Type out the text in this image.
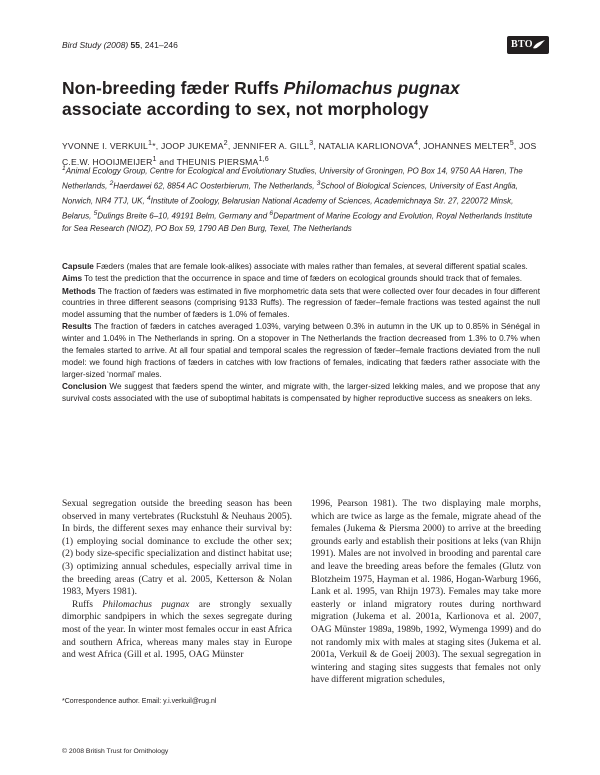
Bird Study (2008) 55, 241–246	BTO
Non-breeding fæder Ruffs Philomachus pugnax associate according to sex, not morphology
YVONNE I. VERKUIL$^1$*, JOOP JUKEMA$^2$, JENNIFER A. GILL$^3$, NATALIA KARLIONOVA$^4$, JOHANNES MELTER$^5$, JOS C.E.W. HOOIJMEIJER$^1$ and THEUNIS PIERSMA$^{1,6}$
$^1$Animal Ecology Group, Centre for Ecological and Evolutionary Studies, University of Groningen, PO Box 14, 9750 AA Haren, The Netherlands, $^2$Haerdawei 62, 8854 AC Oosterbierum, The Netherlands, $^3$School of Biological Sciences, University of East Anglia, Norwich, NR4 7TJ, UK, $^4$Institute of Zoology, Belarusian National Academy of Sciences, Academichnaya Str. 27, 220072 Minsk, Belarus, $^5$Dulings Breite 6–10, 49191 Belm, Germany and $^6$Department of Marine Ecology and Evolution, Royal Netherlands Institute for Sea Research (NIOZ), PO Box 59, 1790 AB Den Burg, Texel, The Netherlands

Capsule Fæders (males that are female look-alikes) associate with males rather than females, at several different spatial scales.

Aims To test the prediction that the occurrence in space and time of fæders on ecological grounds should track that of females.

Methods The fraction of fæders was estimated in five morphometric data sets that were collected over four decades in four different countries in three different seasons (comprising 9133 Ruffs). The regression of fæder–female fractions was tested against the null model assuming that the number of fæders is 1.0% of females.

Results The fraction of fæders in catches averaged 1.03%, varying between 0.3% in autumn in the UK up to 0.85% in Sénégal in winter and 1.04% in The Netherlands in spring. On a stopover in The Netherlands the fraction decreased from 1.3% to 0.7% when the females started to arrive. At all four spatial and temporal scales the regression of fæder–female fractions deviated from the null model: we found high fractions of fæders in catches with low fractions of females, indicating that fæders rather associate with the larger-sized ‘normal’ males.

Conclusion We suggest that fæders spend the winter, and migrate with, the larger-sized lekking males, and we propose that any survival costs associated with the use of suboptimal habitats is compensated by higher reproductive success as sneakers on leks.

Sexual segregation outside the breeding season has been observed in many vertebrates (Ruckstuhl & Neuhaus 2005). In birds, the different sexes may enhance their survival by: (1) employing social dominance to exclude the other sex; (2) body size-specific specialization and distinct habitat use; (3) optimizing annual schedules, especially arrival time in the breeding areas (Catry et al. 2005, Ketterson & Nolan 1983, Myers 1981).

Ruffs Philomachus pugnax are strongly sexually dimorphic sandpipers in which the sexes segregate during most of the year. In winter most females occur in east Africa and southern Africa, whereas many males stay in Europe and west Africa (Gill et al. 1995, OAG Münster

1996, Pearson 1981). The two displaying male morphs, which are twice as large as the female, migrate ahead of the females (Jukema & Piersma 2000) to arrive at the breeding grounds early and establish their positions at leks (van Rhijn 1991). Males are not involved in brooding and parental care and leave the breeding areas before the females (Glutz von Blotzheim 1975, Hayman et al. 1986, Hogan-Warburg 1966, Lank et al. 1995, van Rhijn 1973). Females may take more easterly or inland migratory routes during northward migration (Jukema et al. 2001a, Karlionova et al. 2007, OAG Münster 1989a, 1989b, 1992, Wymenga 1999) and do not randomly mix with males at staging sites (Jukema et al. 2001a, Verkuil & de Goeij 2003). The sexual segregation in wintering and staging sites suggests that females not only have different migration schedules,

*Correspondence author. Email: y.i.verkuil@rug.nl
© 2008 British Trust for Ornithology
